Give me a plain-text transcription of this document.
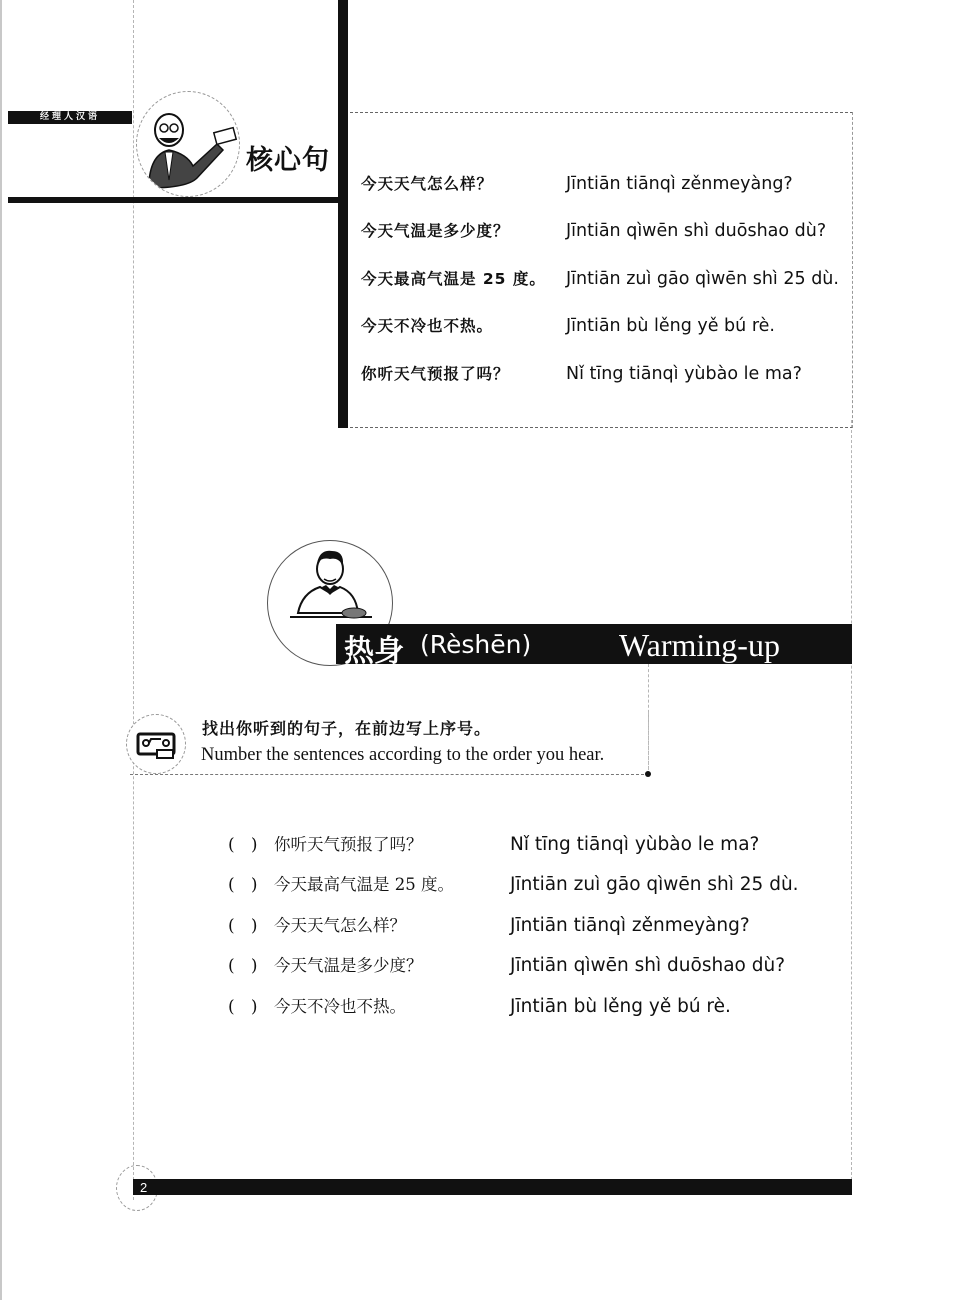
经理人汉语
核心句
今天天气怎么样？	Jīntiān tiānqì zěnmeyàng?
今天气温是多少度？	Jīntiān qìwēn shì duōshao dù?
今天最高气温是 25 度。 Jīntiān zuì gāo qìwēn shì 25 dù.
今天不冷也不热。	Jīntiān bù lěng yě bú rè.
你听天气预报了吗？	Nǐ tīng tiānqì yùbào le ma?
热身 (Rèshēn)	Warming-up
找出你听到的句子，在前边写上序号。
Number the sentences according to the order you hear.
(   )	你听天气预报了吗？	Nǐ tīng tiānqì yùbào le ma?
(   )	今天最高气温是 25 度。	Jīntiān zuì gāo qìwēn shì 25 dù.
(   )	今天天气怎么样？	Jīntiān tiānqì zěnmeyàng?
(   )	今天气温是多少度？	Jīntiān qìwēn shì duōshao dù?
(   )	今天不冷也不热。	Jīntiān bù lěng yě bú rè.
2
